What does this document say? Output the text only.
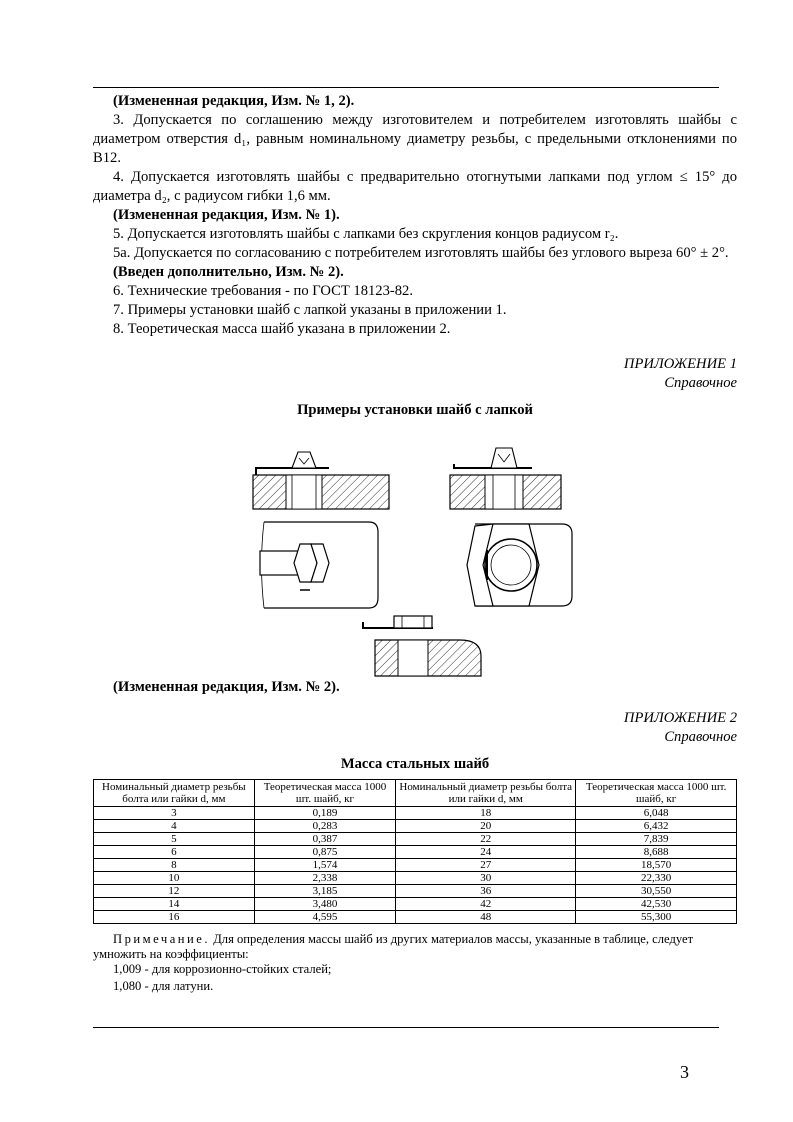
(Измененная редакция, Изм. № 1, 2).

3. Допускается по соглашению между изготовителем и потребителем изготовлять шайбы с диаметром отверстия d₁, равным номинальному диаметру резьбы, с предельными отклонениями по В12.

4. Допускается изготовлять шайбы с предварительно отогнутыми лапками под углом ≤ 15° до диаметра d₂, с радиусом гибки 1,6 мм.

(Измененная редакция, Изм. № 1).

5. Допускается изготовлять шайбы с лапками без скругления концов радиусом r₂.

5а. Допускается по согласованию с потребителем изготовлять шайбы без углового выреза 60° ± 2°.

(Введен дополнительно, Изм. № 2).

6. Технические требования - по ГОСТ 18123-82.

7. Примеры установки шайб с лапкой указаны в приложении 1.

8. Теоретическая масса шайб указана в приложении 2.

ПРИЛОЖЕНИЕ 1

Справочное

Примеры установки шайб с лапкой

(Измененная редакция, Изм. № 2).

ПРИЛОЖЕНИЕ 2

Справочное

Масса стальных шайб

Номинальный диаметр резьбы болта или гайки d, мм	Теоретическая масса 1000 шт. шайб, кг	Номинальный диаметр резьбы болта или гайки d, мм	Теоретическая масса 1000 шт. шайб, кг
3	0,189	18	6,048
4	0,283	20	6,432
5	0,387	22	7,839
6	0,875	24	8,688
8	1,574	27	18,570
10	2,338	30	22,330
12	3,185	36	30,550
14	3,480	42	42,530
16	4,595	48	55,300

Примечание. Для определения массы шайб из других материалов массы, указанные в таблице, следует умножить на коэффициенты:

1,009 - для коррозионно-стойких сталей;

1,080 - для латуни.

3
